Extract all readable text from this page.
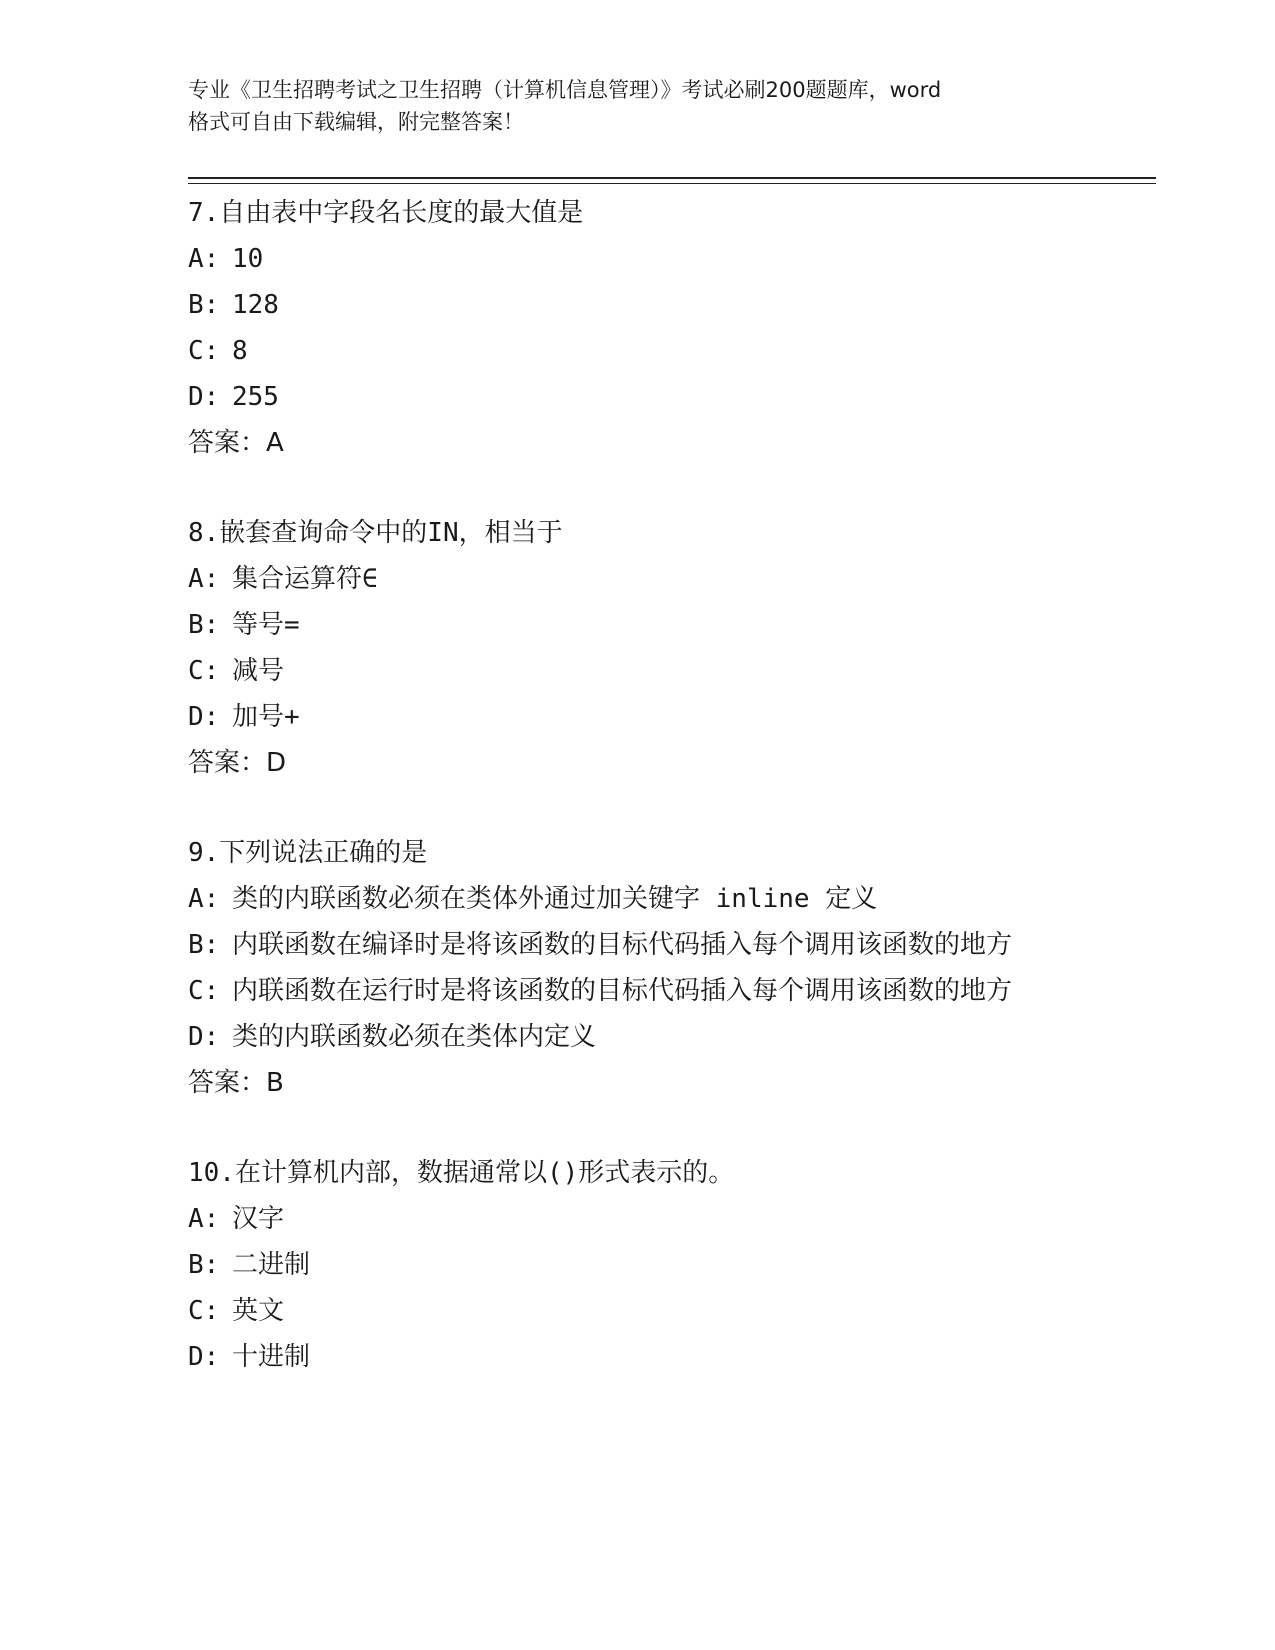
专业《卫生招聘考试之卫生招聘（计算机信息管理）》考试必刷200题题库，word
格式可自由下载编辑，附完整答案！
7.自由表中字段名长度的最大值是
A: 10
B: 128
C: 8
D: 255
答案：A
8.嵌套查询命令中的IN，相当于
A: 集合运算符∈
B: 等号=
C: 减号
D: 加号+
答案：D
9.下列说法正确的是
A: 类的内联函数必须在类体外通过加关键字 inline 定义
B: 内联函数在编译时是将该函数的目标代码插入每个调用该函数的地方
C: 内联函数在运行时是将该函数的目标代码插入每个调用该函数的地方
D: 类的内联函数必须在类体内定义
答案：B
10.在计算机内部，数据通常以()形式表示的。
A: 汉字
B: 二进制
C: 英文
D: 十进制
